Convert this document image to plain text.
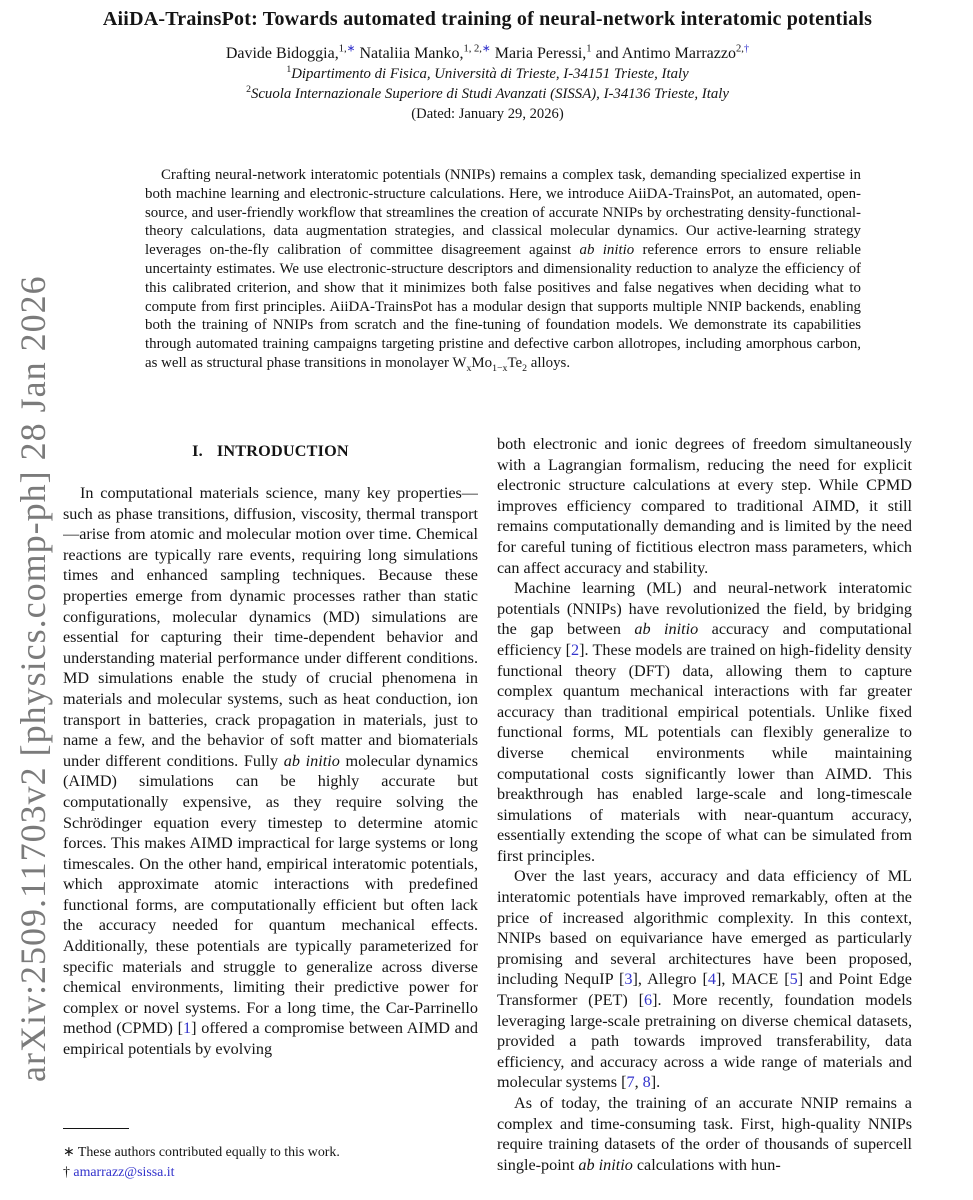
arXiv:2509.11703v2 [physics.comp-ph] 28 Jan 2026
AiiDA-TrainsPot: Towards automated training of neural-network interatomic potentials
Davide Bidoggia,$^{1,∗}$ Nataliia Manko,$^{1, 2,∗}$ Maria Peressi,$^1$ and Antimo Marrazzo$^{2,\dagger}$
$^1$Dipartimento di Fisica, Università di Trieste, I-34151 Trieste, Italy
$^2$Scuola Internazionale Superiore di Studi Avanzati (SISSA), I-34136 Trieste, Italy
(Dated: January 29, 2026)
Crafting neural-network interatomic potentials (NNIPs) remains a complex task, demanding specialized expertise in both machine learning and electronic-structure calculations. Here, we introduce AiiDA-TrainsPot, an automated, open-source, and user-friendly workflow that streamlines the creation of accurate NNIPs by orchestrating density-functional-theory calculations, data augmentation strategies, and classical molecular dynamics. Our active-learning strategy leverages on-the-fly calibration of committee disagreement against ab initio reference errors to ensure reliable uncertainty estimates. We use electronic-structure descriptors and dimensionality reduction to analyze the efficiency of this calibrated criterion, and show that it minimizes both false positives and false negatives when deciding what to compute from first principles. AiiDA-TrainsPot has a modular design that supports multiple NNIP backends, enabling both the training of NNIPs from scratch and the fine-tuning of foundation models. We demonstrate its capabilities through automated training campaigns targeting pristine and defective carbon allotropes, including amorphous carbon, as well as structural phase transitions in monolayer $W_xMo_{1-x}Te_2$ alloys.
I. INTRODUCTION

In computational materials science, many key properties—such as phase transitions, diffusion, viscosity, thermal transport—arise from atomic and molecular motion over time. Chemical reactions are typically rare events, requiring long simulations times and enhanced sampling techniques. Because these properties emerge from dynamic processes rather than static configurations, molecular dynamics (MD) simulations are essential for capturing their time-dependent behavior and understanding material performance under different conditions. MD simulations enable the study of crucial phenomena in materials and molecular systems, such as heat conduction, ion transport in batteries, crack propagation in materials, just to name a few, and the behavior of soft matter and biomaterials under different conditions. Fully ab initio molecular dynamics (AIMD) simulations can be highly accurate but computationally expensive, as they require solving the Schrödinger equation every timestep to determine atomic forces. This makes AIMD impractical for large systems or long timescales. On the other hand, empirical interatomic potentials, which approximate atomic interactions with predefined functional forms, are computationally efficient but often lack the accuracy needed for quantum mechanical effects. Additionally, these potentials are typically parameterized for specific materials and struggle to generalize across diverse chemical environments, limiting their predictive power for complex or novel systems. For a long time, the Car-Parrinello method (CPMD) [1] offered a compromise between AIMD and empirical potentials by evolving

both electronic and ionic degrees of freedom simultaneously with a Lagrangian formalism, reducing the need for explicit electronic structure calculations at every step. While CPMD improves efficiency compared to traditional AIMD, it still remains computationally demanding and is limited by the need for careful tuning of fictitious electron mass parameters, which can affect accuracy and stability.

Machine learning (ML) and neural-network interatomic potentials (NNIPs) have revolutionized the field, by bridging the gap between ab initio accuracy and computational efficiency [2]. These models are trained on high-fidelity density functional theory (DFT) data, allowing them to capture complex quantum mechanical interactions with far greater accuracy than traditional empirical potentials. Unlike fixed functional forms, ML potentials can flexibly generalize to diverse chemical environments while maintaining computational costs significantly lower than AIMD. This breakthrough has enabled large-scale and long-timescale simulations of materials with near-quantum accuracy, essentially extending the scope of what can be simulated from first principles.

Over the last years, accuracy and data efficiency of ML interatomic potentials have improved remarkably, often at the price of increased algorithmic complexity. In this context, NNIPs based on equivariance have emerged as particularly promising and several architectures have been proposed, including NequIP [3], Allegro [4], MACE [5] and Point Edge Transformer (PET) [6]. More recently, foundation models leveraging large-scale pretraining on diverse chemical datasets, provided a path towards improved transferability, data efficiency, and accuracy across a wide range of materials and molecular systems [7, 8].

As of today, the training of an accurate NNIP remains a complex and time-consuming task. First, high-quality NNIPs require training datasets of the order of thousands of supercell single-point ab initio calculations with hun-

∗ These authors contributed equally to this work.

† amarrazz@sissa.it
